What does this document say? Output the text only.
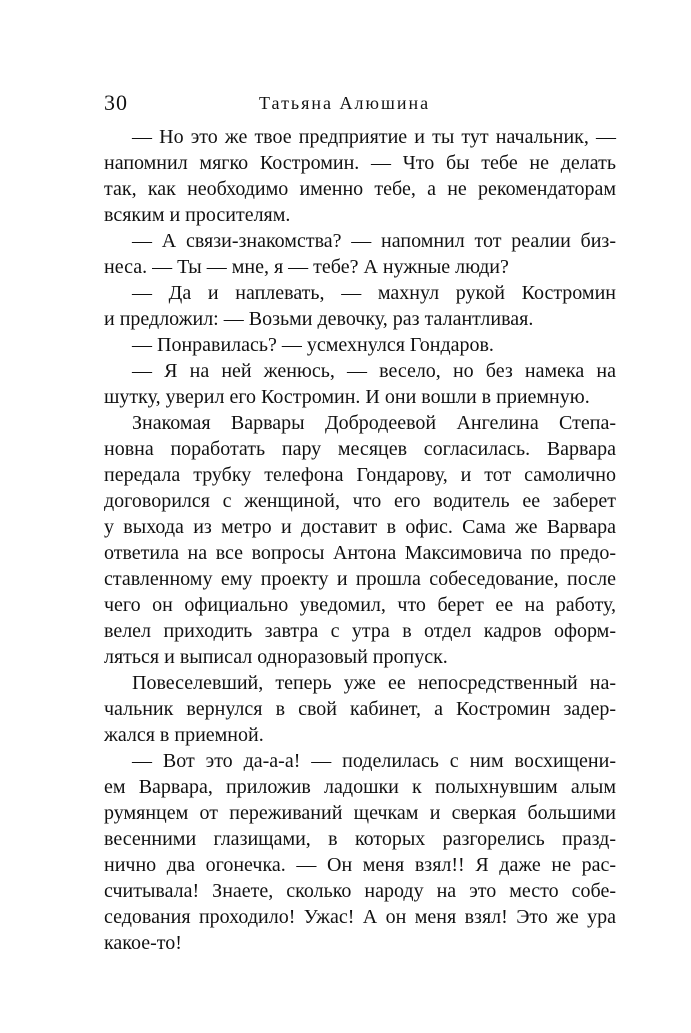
30	Татьяна Алюшина
— Но это же твое предприятие и ты тут начальник, —
напомнил мягко Костромин. — Что бы тебе не делать
так, как необходимо именно тебе, а не рекомендаторам
всяким и просителям.
— А связи-знакомства? — напомнил тот реалии биз-
неса. — Ты — мне, я — тебе? А нужные люди?
— Да и наплевать, — махнул рукой Костромин
и предложил: — Возьми девочку, раз талантливая.
— Понравилась? — усмехнулся Гондаров.
— Я на ней женюсь, — весело, но без намека на
шутку, уверил его Костромин. И они вошли в приемную.
Знакомая Варвары Добродеевой Ангелина Степа-
новна поработать пару месяцев согласилась. Варвара
передала трубку телефона Гондарову, и тот самолично
договорился с женщиной, что его водитель ее заберет
у выхода из метро и доставит в офис. Сама же Варвара
ответила на все вопросы Антона Максимовича по предо-
ставленному ему проекту и прошла собеседование, после
чего он официально уведомил, что берет ее на работу,
велел приходить завтра с утра в отдел кадров оформ-
ляться и выписал одноразовый пропуск.
Повеселевший, теперь уже ее непосредственный на-
чальник вернулся в свой кабинет, а Костромин задер-
жался в приемной.
— Вот это да-а-а! — поделилась с ним восхищени-
ем Варвара, приложив ладошки к полыхнувшим алым
румянцем от переживаний щечкам и сверкая большими
весенними глазищами, в которых разгорелись празд-
нично два огонечка. — Он меня взял!! Я даже не рас-
считывала! Знаете, сколько народу на это место собе-
седования проходило! Ужас! А он меня взял! Это же ура
какое-то!
